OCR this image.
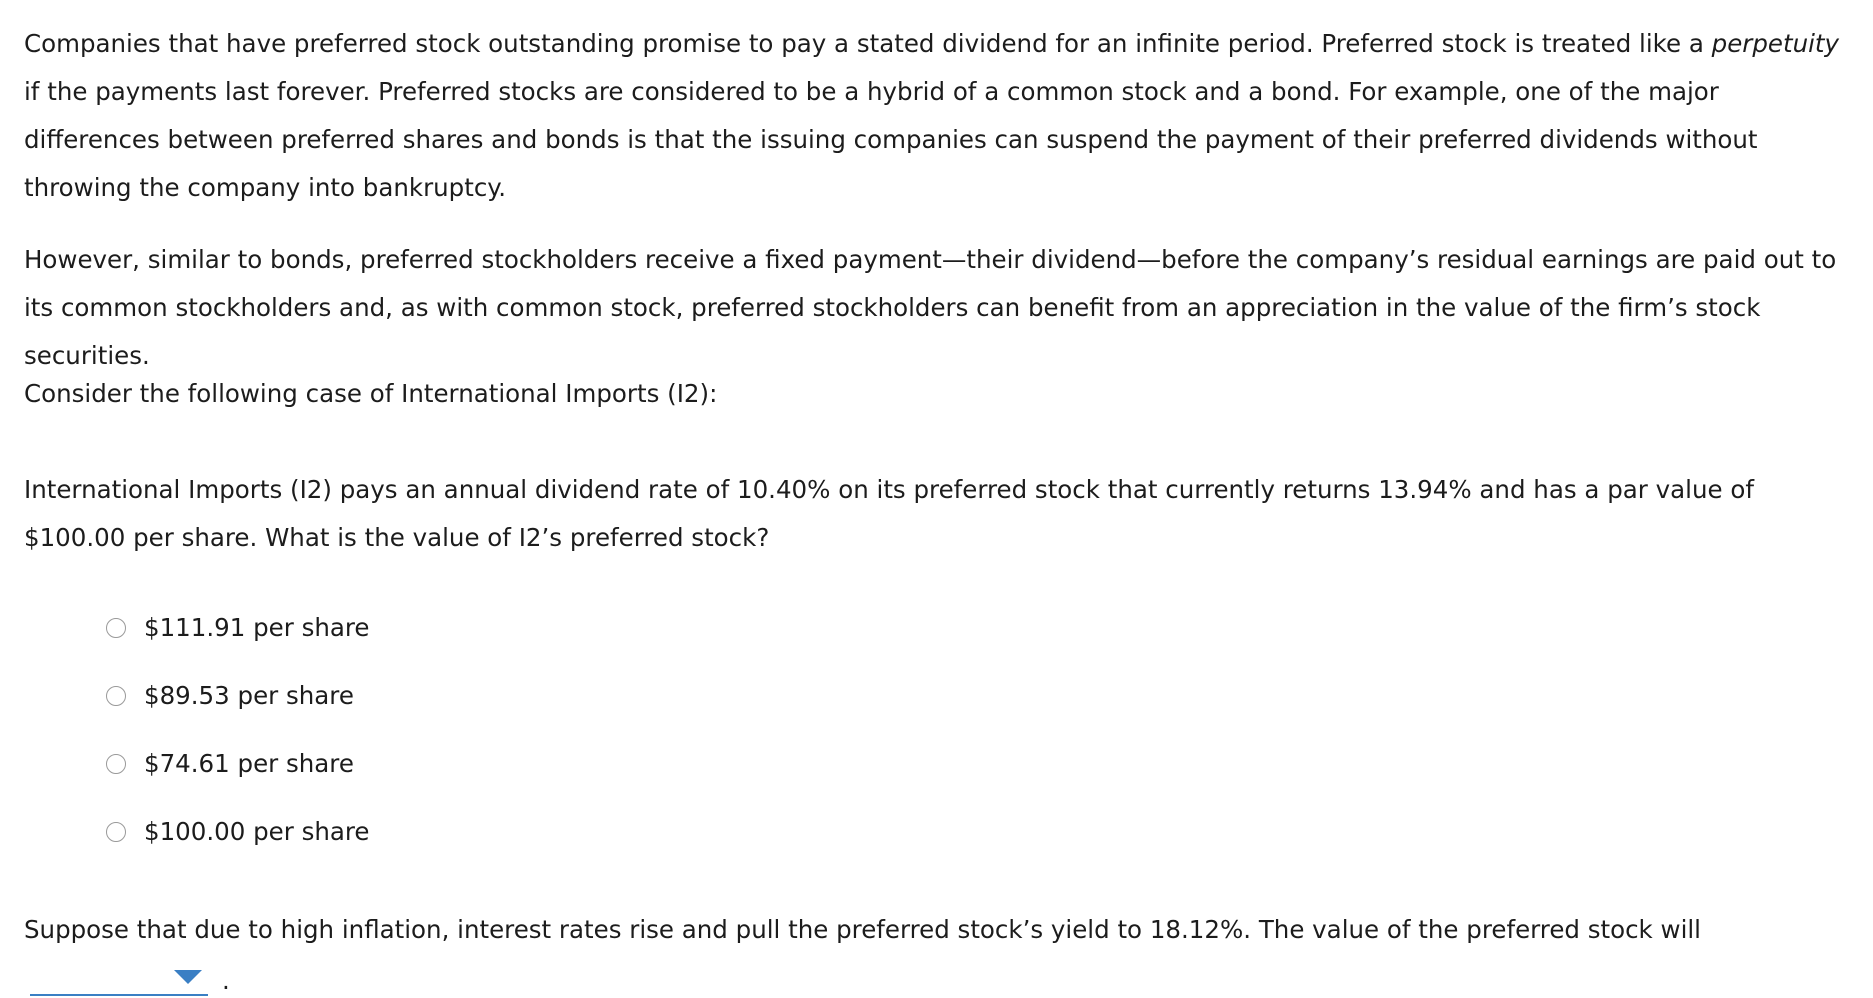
Companies that have preferred stock outstanding promise to pay a stated dividend for an infinite period. Preferred stock is treated like a perpetuity if the payments last forever. Preferred stocks are considered to be a hybrid of a common stock and a bond. For example, one of the major differences between preferred shares and bonds is that the issuing companies can suspend the payment of their preferred dividends without throwing the company into bankruptcy.

However, similar to bonds, preferred stockholders receive a fixed payment—their dividend—before the company’s residual earnings are paid out to its common stockholders and, as with common stock, preferred stockholders can benefit from an appreciation in the value of the firm’s stock securities.

Consider the following case of International Imports (I2):

International Imports (I2) pays an annual dividend rate of 10.40% on its preferred stock that currently returns 13.94% and has a par value of $100.00 per share. What is the value of I2’s preferred stock?

$111.91 per share
$89.53 per share
$74.61 per share
$100.00 per share

Suppose that due to high inflation, interest rates rise and pull the preferred stock’s yield to 18.12%. The value of the preferred stock will

.
